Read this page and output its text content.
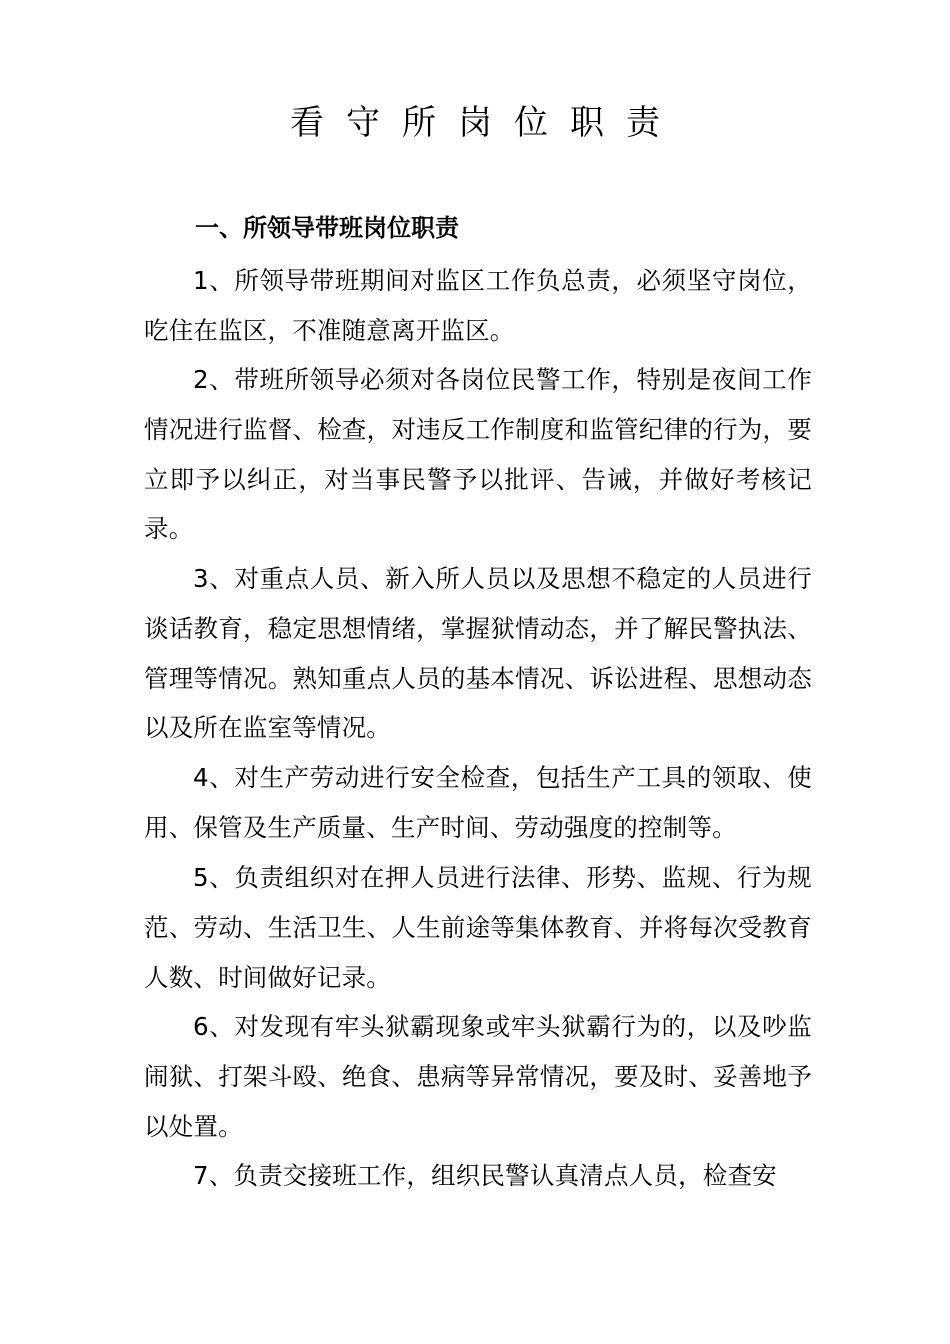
看守所岗位职责
一、所领导带班岗位职责

1、所领导带班期间对监区工作负总责，必须坚守岗位，吃住在监区，不准随意离开监区。

2、带班所领导必须对各岗位民警工作，特别是夜间工作情况进行监督、检查，对违反工作制度和监管纪律的行为，要立即予以纠正，对当事民警予以批评、告诫，并做好考核记录。

3、对重点人员、新入所人员以及思想不稳定的人员进行谈话教育，稳定思想情绪，掌握狱情动态，并了解民警执法、管理等情况。熟知重点人员的基本情况、诉讼进程、思想动态以及所在监室等情况。

4、对生产劳动进行安全检查，包括生产工具的领取、使用、保管及生产质量、生产时间、劳动强度的控制等。

5、负责组织对在押人员进行法律、形势、监规、行为规范、劳动、生活卫生、人生前途等集体教育、并将每次受教育人数、时间做好记录。

6、对发现有牢头狱霸现象或牢头狱霸行为的，以及吵监闹狱、打架斗殴、绝食、患病等异常情况，要及时、妥善地予以处置。

7、负责交接班工作，组织民警认真清点人员，检查安
